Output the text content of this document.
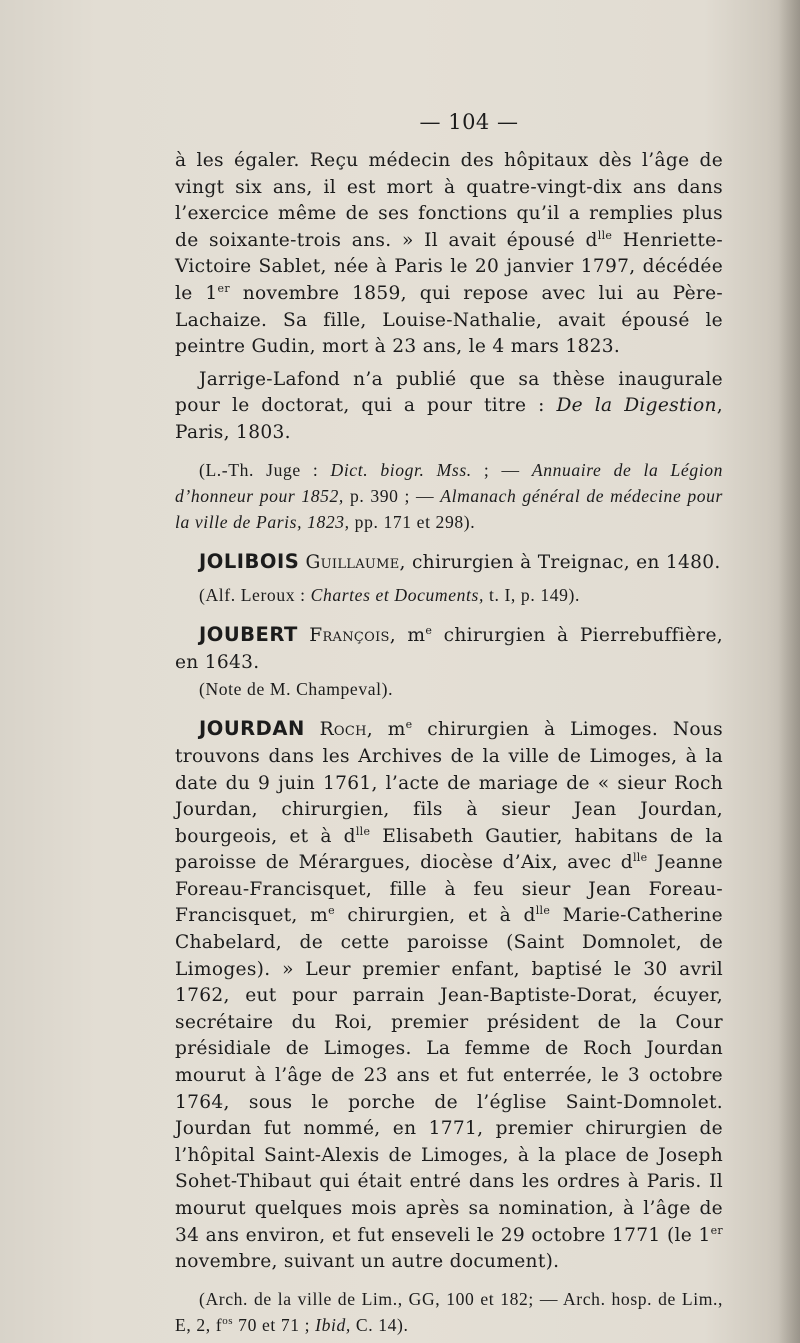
— 104 —

à les égaler. Reçu médecin des hôpitaux dès l’âge de vingt six ans, il est mort à quatre-vingt-dix ans dans l’exercice même de ses fonctions qu’il a remplies plus de soixante-trois ans. » Il avait épousé $d^{lle}$ Henriette-Victoire Sablet, née à Paris le 20 janvier 1797, décédée le 1er novembre 1859, qui repose avec lui au Père-Lachaize. Sa fille, Louise-Nathalie, avait épousé le peintre Gudin, mort à 23 ans, le 4 mars 1823.

Jarrige-Lafond n’a publié que sa thèse inaugurale pour le doctorat, qui a pour titre : De la Digestion, Paris, 1803.

(L.-Th. Juge : Dict. biogr. Mss. ; — Annuaire de la Légion d’honneur pour 1852, p. 390 ; — Almanach général de médecine pour la ville de Paris, 1823, pp. 171 et 298).

JOLIBOIS Guillaume, chirurgien à Treignac, en 1480.

(Alf. Leroux : Chartes et Documents, t. I, p. 149).

JOUBERT François, $m^e$ chirurgien à Pierrebuffière, en 1643.

(Note de M. Champeval).

JOURDAN Roch, $m^e$ chirurgien à Limoges. Nous trouvons dans les Archives de la ville de Limoges, à la date du 9 juin 1761, l’acte de mariage de « sieur Roch Jourdan, chirurgien, fils à sieur Jean Jourdan, bourgeois, et à $d^{lle}$ Elisabeth Gautier, habitans de la paroisse de Mérargues, diocèse d’Aix, avec $d^{lle}$ Jeanne Foreau-Francisquet, fille à feu sieur Jean Foreau-Francisquet, $m^e$ chirurgien, et à $d^{lle}$ Marie-Catherine Chabelard, de cette paroisse (Saint Domnolet, de Limoges). » Leur premier enfant, baptisé le 30 avril 1762, eut pour parrain Jean-Baptiste-Dorat, écuyer, secrétaire du Roi, premier président de la Cour présidiale de Limoges. La femme de Roch Jourdan mourut à l’âge de 23 ans et fut enterrée, le 3 octobre 1764, sous le porche de l’église Saint-Domnolet. Jourdan fut nommé, en 1771, premier chirurgien de l’hôpital Saint-Alexis de Limoges, à la place de Joseph Sohet-Thibaut qui était entré dans les ordres à Paris. Il mourut quelques mois après sa nomination, à l’âge de 34 ans environ, et fut enseveli le 29 octobre 1771 (le 1er novembre, suivant un autre document).

(Arch. de la ville de Lim., GG, 100 et 182; — Arch. hosp. de Lim., E, 2, $f^{os}$ 70 et 71 ; Ibid, C. 14).
